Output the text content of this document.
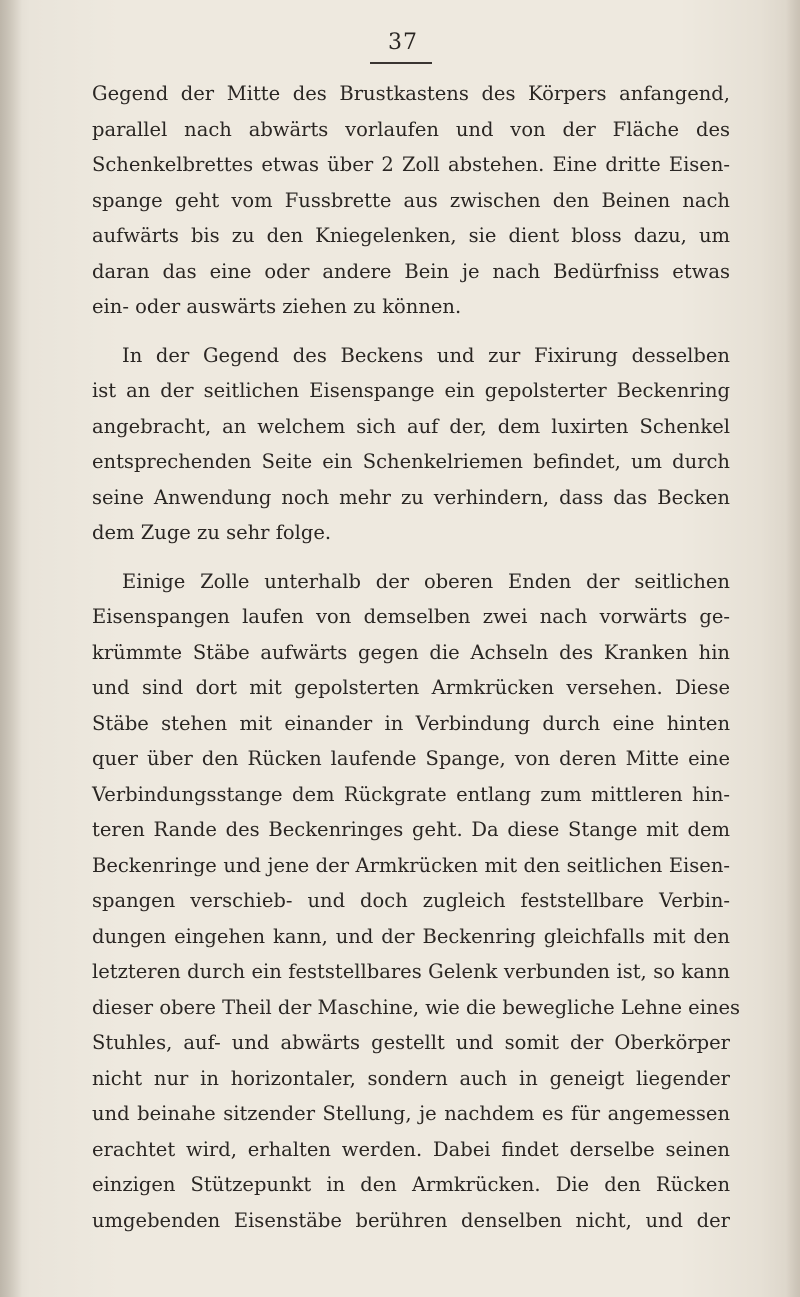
37

Gegend der Mitte des Brustkastens des Körpers anfangend,
parallel nach abwärts vorlaufen und von der Fläche des
Schenkelbrettes etwas über 2 Zoll abstehen. Eine dritte Eisen-
spange geht vom Fussbrette aus zwischen den Beinen nach
aufwärts bis zu den Kniegelenken, sie dient bloss dazu, um
daran das eine oder andere Bein je nach Bedürfniss etwas
ein- oder auswärts ziehen zu können.

In der Gegend des Beckens und zur Fixirung desselben
ist an der seitlichen Eisenspange ein gepolsterter Beckenring
angebracht, an welchem sich auf der, dem luxirten Schenkel
entsprechenden Seite ein Schenkelriemen befindet, um durch
seine Anwendung noch mehr zu verhindern, dass das Becken
dem Zuge zu sehr folge.

Einige Zolle unterhalb der oberen Enden der seitlichen
Eisenspangen laufen von demselben zwei nach vorwärts ge-
krümmte Stäbe aufwärts gegen die Achseln des Kranken hin
und sind dort mit gepolsterten Armkrücken versehen. Diese
Stäbe stehen mit einander in Verbindung durch eine hinten
quer über den Rücken laufende Spange, von deren Mitte eine
Verbindungsstange dem Rückgrate entlang zum mittleren hin-
teren Rande des Beckenringes geht. Da diese Stange mit dem
Beckenringe und jene der Armkrücken mit den seitlichen Eisen-
spangen verschieb- und doch zugleich feststellbare Verbin-
dungen eingehen kann, und der Beckenring gleichfalls mit den
letzteren durch ein feststellbares Gelenk verbunden ist, so kann
dieser obere Theil der Maschine, wie die bewegliche Lehne eines
Stuhles, auf- und abwärts gestellt und somit der Oberkörper
nicht nur in horizontaler, sondern auch in geneigt liegender
und beinahe sitzender Stellung, je nachdem es für angemessen
erachtet wird, erhalten werden. Dabei findet derselbe seinen
einzigen Stützepunkt in den Armkrücken. Die den Rücken
umgebenden Eisenstäbe berühren denselben nicht, und der
